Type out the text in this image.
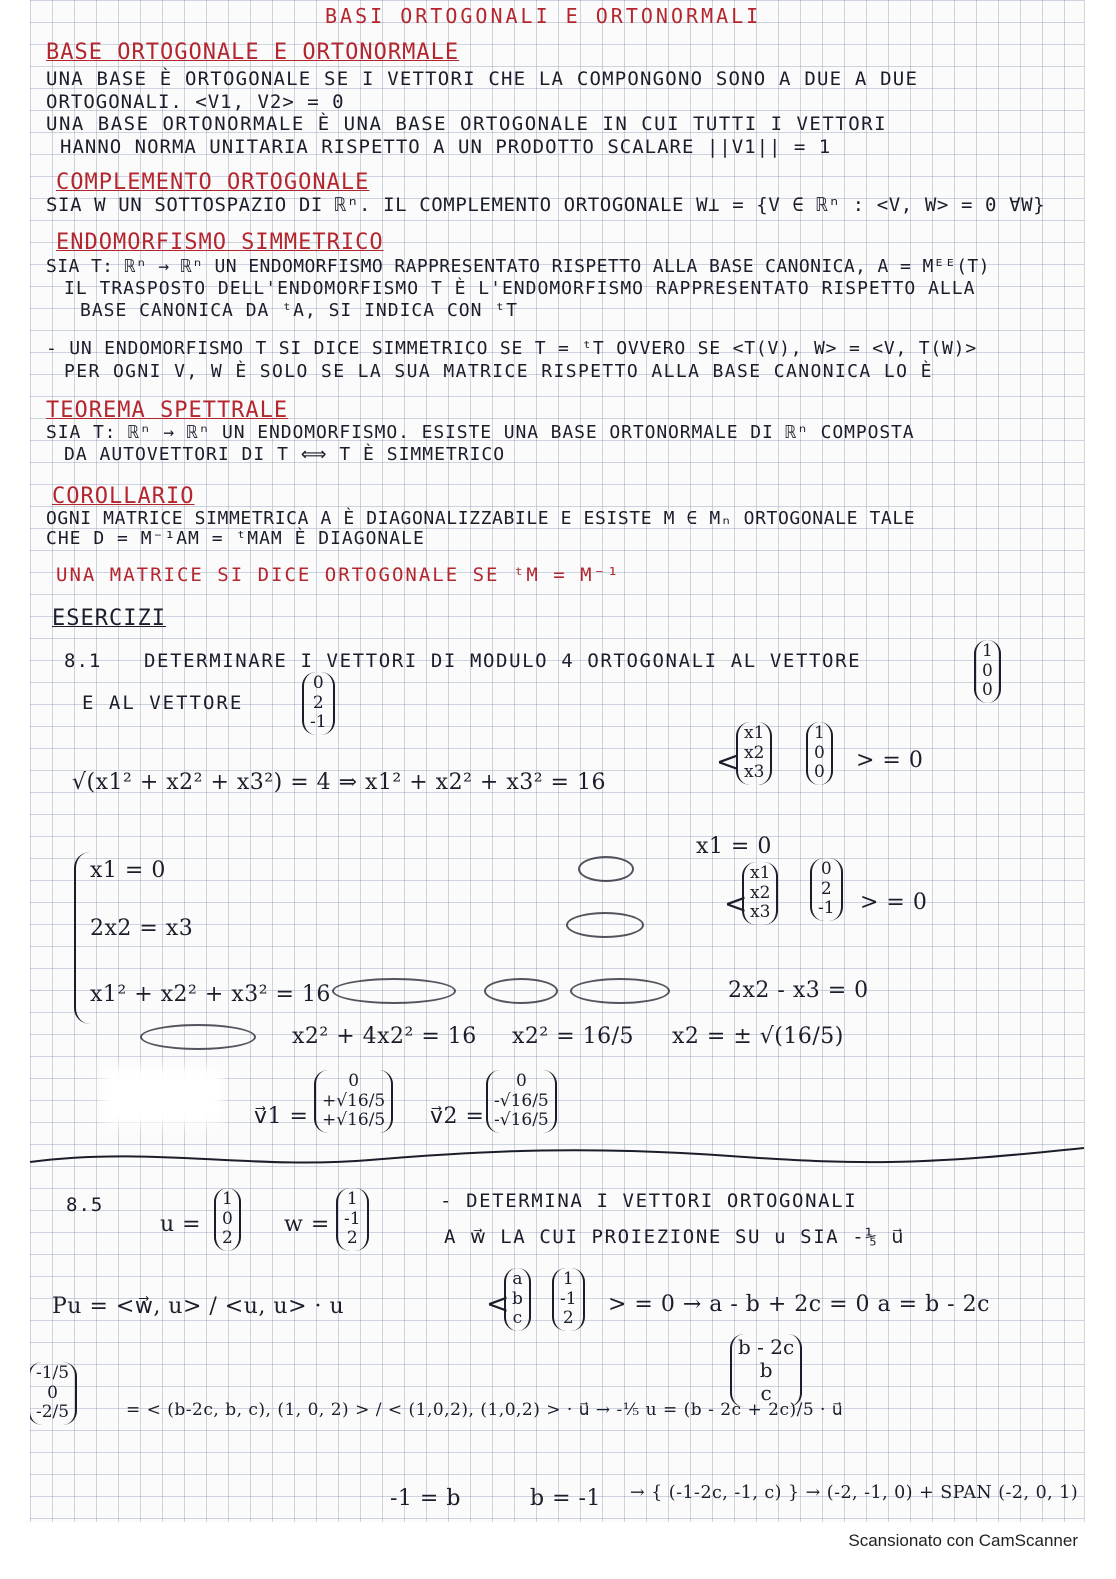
BASI ORTOGONALI E ORTONORMALI
BASE ORTOGONALE E ORTONORMALE
UNA BASE È ORTOGONALE SE I VETTORI CHE LA COMPONGONO SONO A DUE A DUE
ORTOGONALI. <V1, V2> = 0
UNA BASE ORTONORMALE È UNA BASE ORTOGONALE IN CUI TUTTI I VETTORI
HANNO NORMA UNITARIA RISPETTO A UN PRODOTTO SCALARE ||V1|| = 1
COMPLEMENTO ORTOGONALE
SIA W UN SOTTOSPAZIO DI ℝⁿ. IL COMPLEMENTO ORTOGONALE W⊥ = {V ∈ ℝⁿ : <V, W> = 0 ∀W}
ENDOMORFISMO SIMMETRICO
SIA T: ℝⁿ → ℝⁿ UN ENDOMORFISMO RAPPRESENTATO RISPETTO ALLA BASE CANONICA, A = Mᴱᴱ(T)
IL TRASPOSTO DELL'ENDOMORFISMO T È L'ENDOMORFISMO RAPPRESENTATO RISPETTO ALLA
BASE CANONICA DA ᵗA, SI INDICA CON ᵗT
- UN ENDOMORFISMO T SI DICE SIMMETRICO SE T = ᵗT OVVERO SE <T(V), W> = <V, T(W)>
PER OGNI V, W È SOLO SE LA SUA MATRICE RISPETTO ALLA BASE CANONICA LO È
TEOREMA SPETTRALE
SIA T: ℝⁿ → ℝⁿ UN ENDOMORFISMO. ESISTE UNA BASE ORTONORMALE DI ℝⁿ COMPOSTA
DA AUTOVETTORI DI T ⟺ T È SIMMETRICO
COROLLARIO
OGNI MATRICE SIMMETRICA A È DIAGONALIZZABILE E ESISTE M ∈ Mₙ ORTOGONALE TALE
CHE D = M⁻¹AM = ᵗMAM È DIAGONALE
UNA MATRICE SI DICE ORTOGONALE SE ᵗM = M⁻¹
ESERCIZI
8.1 DETERMINARE I VETTORI DI MODULO 4 ORTOGONALI AL VETTORE	1
0
0
E AL VETTORE
0
2
-1
√(x1² + x2² + x3²) = 4 ⇒ x1² + x2² + x3² = 16
<
x1
x2
x3
1
0
0 > = 0
x1 = 0
2x2 = x3
x1² + x2² + x3² = 16
x1 = 0
<
x1
x2
x3
0
2
-1 > = 0
2x2 - x3 = 0
x2² + 4x2² = 16 x2² = 16/5 x2 = ± √(16/5)
v⃗1 =
0
+√16/5
+√16/5 v⃗2 =
0
-√16/5
-√16/5
8.5
u =
1
0
2
w =
1
-1
2
- DETERMINA I VETTORI ORTOGONALI
A w⃗ LA CUI PROIEZIONE SU u SIA -⅕ u⃗
Pu = <w⃗, u> / <u, u> · u	<
a
b
c
1
-1
2
> = 0 → a - b + 2c = 0 a = b - 2c
b - 2c
b
c
-1/5
0
-2/5	= < (b-2c, b, c), (1, 0, 2) > / < (1,0,2), (1,0,2) > · u⃗ → -⅕ u = (b - 2c + 2c)/5 · u⃗
-1 = b	b = -1 → { (-1-2c, -1, c) } → (-2, -1, 0) + SPAN (-2, 0, 1)
Scansionato con CamScanner
